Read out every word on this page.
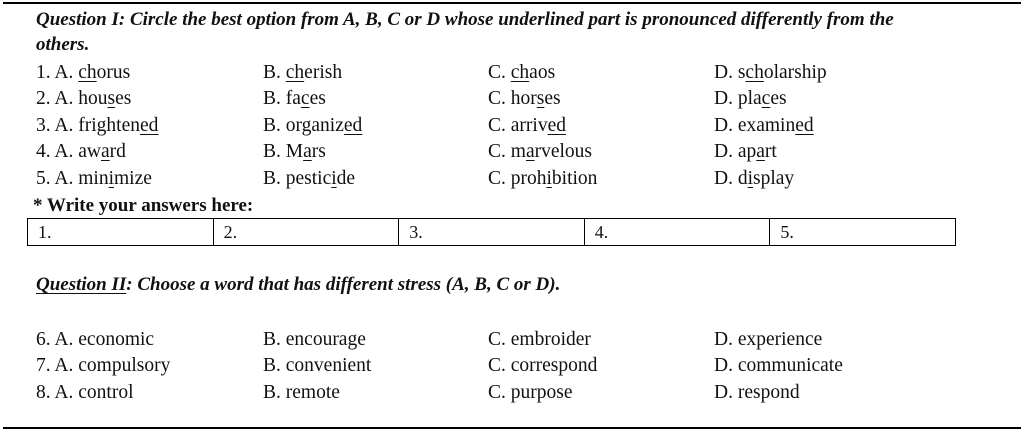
Question I: Circle the best option from A, B, C or D whose underlined part is pronounced differently from the others.
1. A. chorus	B. cherish	C. chaos	D. scholarship
2. A. houses	B. faces	C. horses	D. places
3. A. frightened	B. organized	C. arrived	D. examined
4. A. award	B. Mars	C. marvelous	D. apart
5. A. minimize	B. pesticide	C. prohibition	D. display
* Write your answers here:
1.	2.	3.	4.	5.
Question II: Choose a word that has different stress (A, B, C or D).
6. A. economic	B. encourage	C. embroider	D. experience
7. A. compulsory	B. convenient	C. correspond	D. communicate
8. A. control	B. remote	C. purpose	D. respond
